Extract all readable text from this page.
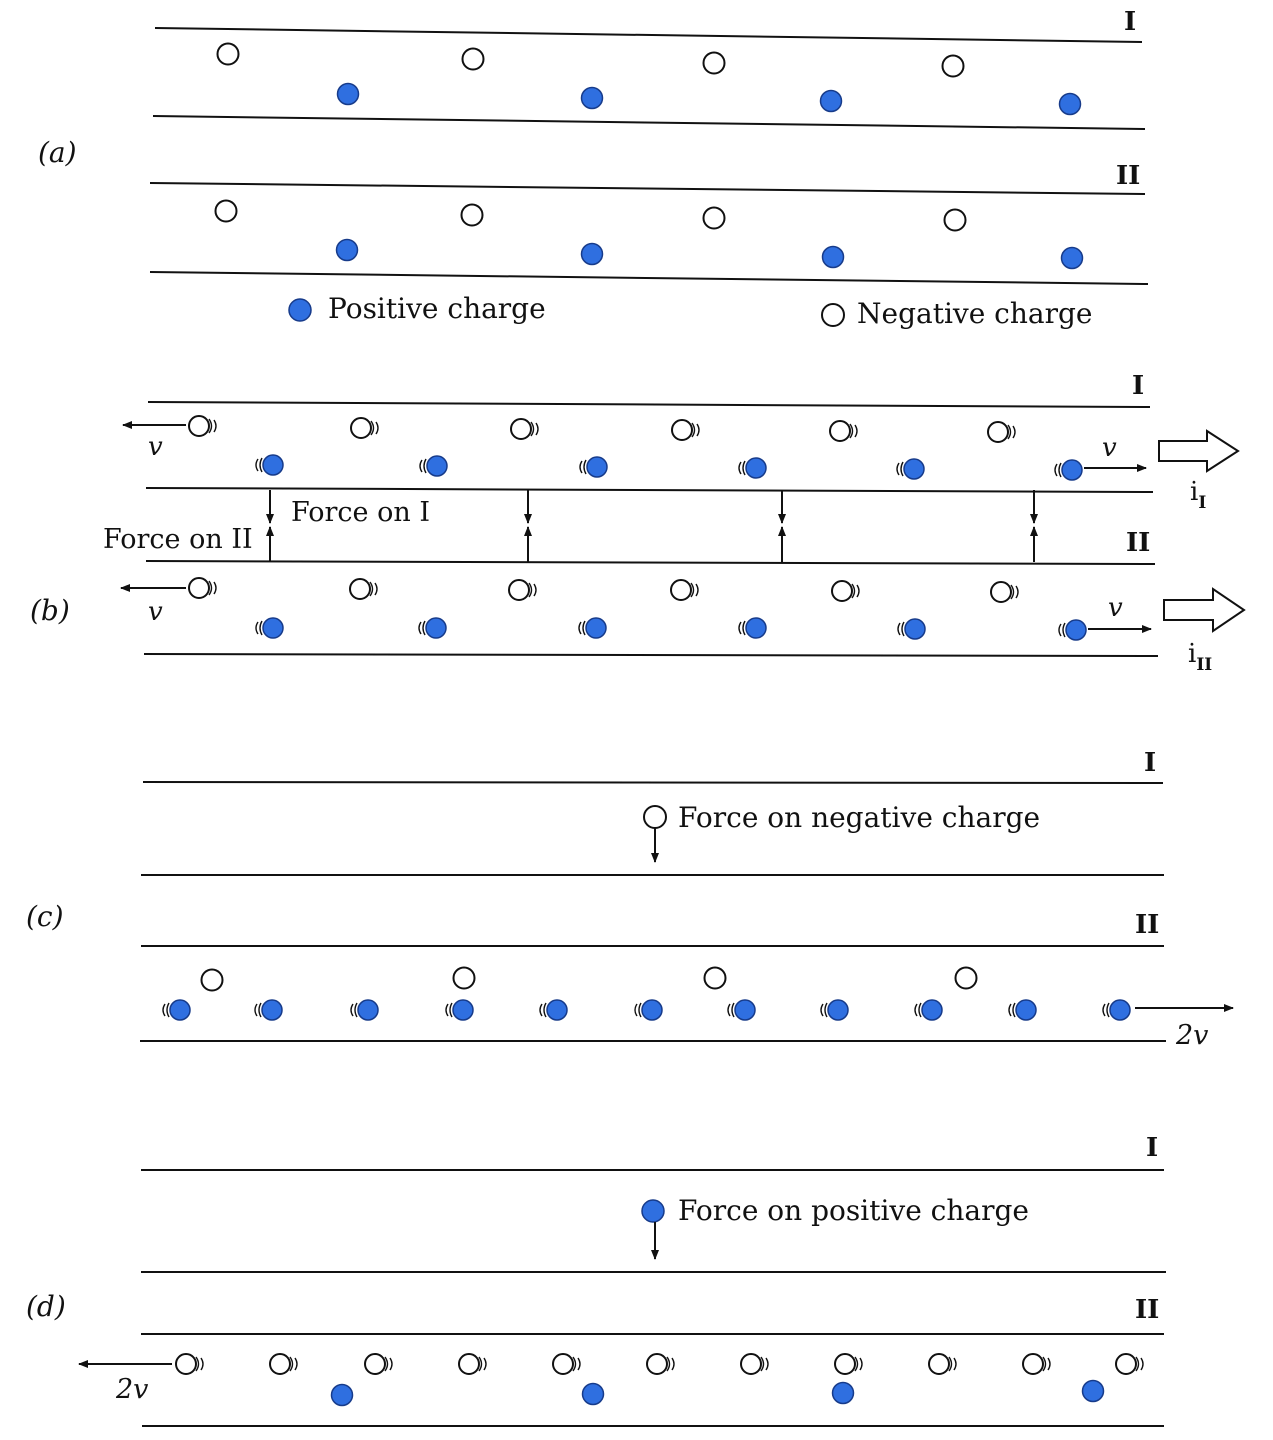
I
II
(a)
Positive charge	Negative charge
I
II
(b)
v	v
v	v
$i_I$
$i_{II}$
Force on I
Force on II
I
II
(c)
Force on negative charge
2v
I
II
(d)
Force on positive charge
2v
